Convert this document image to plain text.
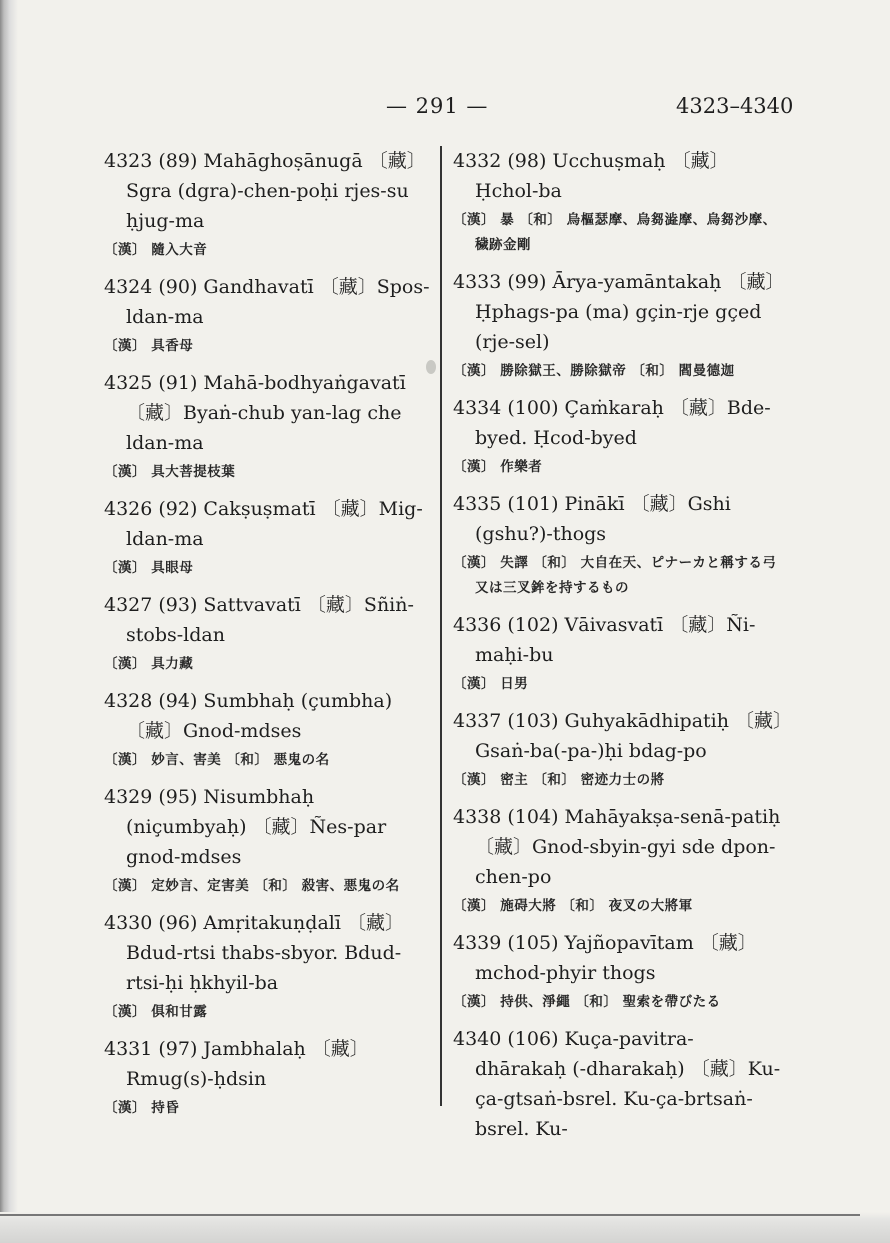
— 291 —	4323–4340

4323 (89) Mahāghoṣānugā 〔藏〕Sgra (dgra)-chen-poḥi rjes-su ḥjug-ma

〔漢〕 隨入大音

4324 (90) Gandhavatī 〔藏〕Spos-ldan-ma

〔漢〕 具香母

4325 (91) Mahā-bodhyaṅgavatī 〔藏〕Byaṅ-chub yan-lag che ldan-ma

〔漢〕 具大菩提枝葉

4326 (92) Cakṣuṣmatī 〔藏〕Mig-ldan-ma

〔漢〕 具眼母

4327 (93) Sattvavatī 〔藏〕Sñiṅ-stobs-ldan

〔漢〕 具力藏

4328 (94) Sumbhaḥ (çumbha) 〔藏〕Gnod-mdses

〔漢〕 妙言、害美 〔和〕 悪鬼の名

4329 (95) Nisumbhaḥ (niçumbyaḥ) 〔藏〕Ñes-par gnod-mdses

〔漢〕 定妙言、定害美 〔和〕 殺害、悪鬼の名

4330 (96) Amṛitakuṇḍalī 〔藏〕Bdud-rtsi thabs-sbyor. Bdud-rtsi-ḥi ḥkhyil-ba

〔漢〕 俱和甘露

4331 (97) Jambhalaḥ 〔藏〕Rmug(s)-ḥdsin

〔漢〕 持昏

4332 (98) Ucchuṣmaḥ 〔藏〕Ḥchol-ba

〔漢〕 暴 〔和〕 烏樞瑟摩、烏芻澁摩、烏芻沙摩、穢跡金剛

4333 (99) Ārya-yamāntakaḥ 〔藏〕Ḥphags-pa (ma) gçin-rje gçed (rje-sel)

〔漢〕 勝除獄王、勝除獄帝 〔和〕 閻曼德迦

4334 (100) Çaṁkaraḥ 〔藏〕Bde-byed. Ḥcod-byed

〔漢〕 作樂者

4335 (101) Pinākī 〔藏〕Gshi (gshu?)-thogs

〔漢〕 失譯 〔和〕 大自在天、ピナーカと稱する弓又は三叉鉾を持するもの

4336 (102) Vāivasvatī 〔藏〕Ñi-maḥi-bu

〔漢〕 日男

4337 (103) Guhyakādhipatiḥ 〔藏〕Gsaṅ-ba(-pa-)ḥi bdag-po

〔漢〕 密主 〔和〕 密迹力士の將

4338 (104) Mahāyakṣa-senā-patiḥ 〔藏〕Gnod-sbyin-gyi sde dpon-chen-po

〔漢〕 施碍大將 〔和〕 夜叉の大將軍

4339 (105) Yajñopavītam 〔藏〕mchod-phyir thogs

〔漢〕 持供、淨繩 〔和〕 聖索を帶びたる

4340 (106) Kuça-pavitra-dhārakaḥ (-dharakaḥ) 〔藏〕Ku-ça-gtsaṅ-bsrel. Ku-ça-brtsaṅ-bsrel. Ku-
